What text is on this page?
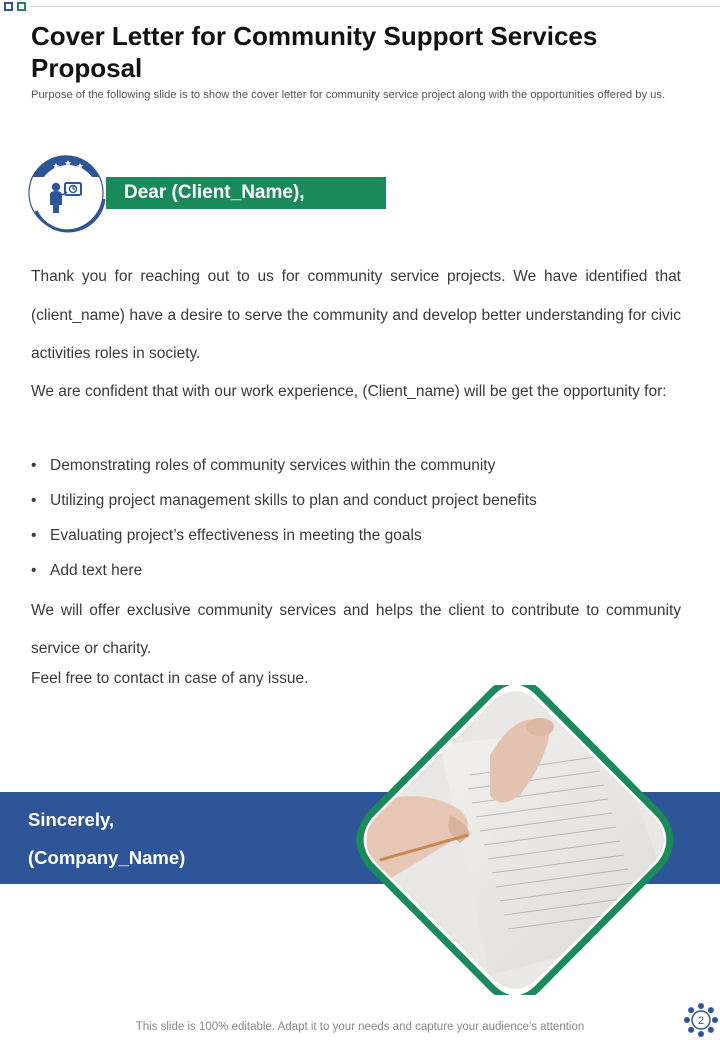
Cover Letter for Community Support Services Proposal
Purpose of the following slide is to show the cover letter for community service project along with the opportunities offered by us.
Dear (Client_Name),
Thank you for reaching out to us for community service projects. We have identified that (client_name) have a desire to serve the community and develop better understanding for civic activities roles in society.
We are confident that with our work experience, (Client_name) will be get the opportunity for:
• Demonstrating roles of community services within the community
• Utilizing project management skills to plan and conduct project benefits
• Evaluating project’s effectiveness in meeting the goals
• Add text here
We will offer exclusive community services and helps the client to contribute to community service or charity.
Feel free to contact in case of any issue.
Sincerely,
(Company_Name)
This slide is 100% editable. Adapt it to your needs and capture your audience’s attention	2
